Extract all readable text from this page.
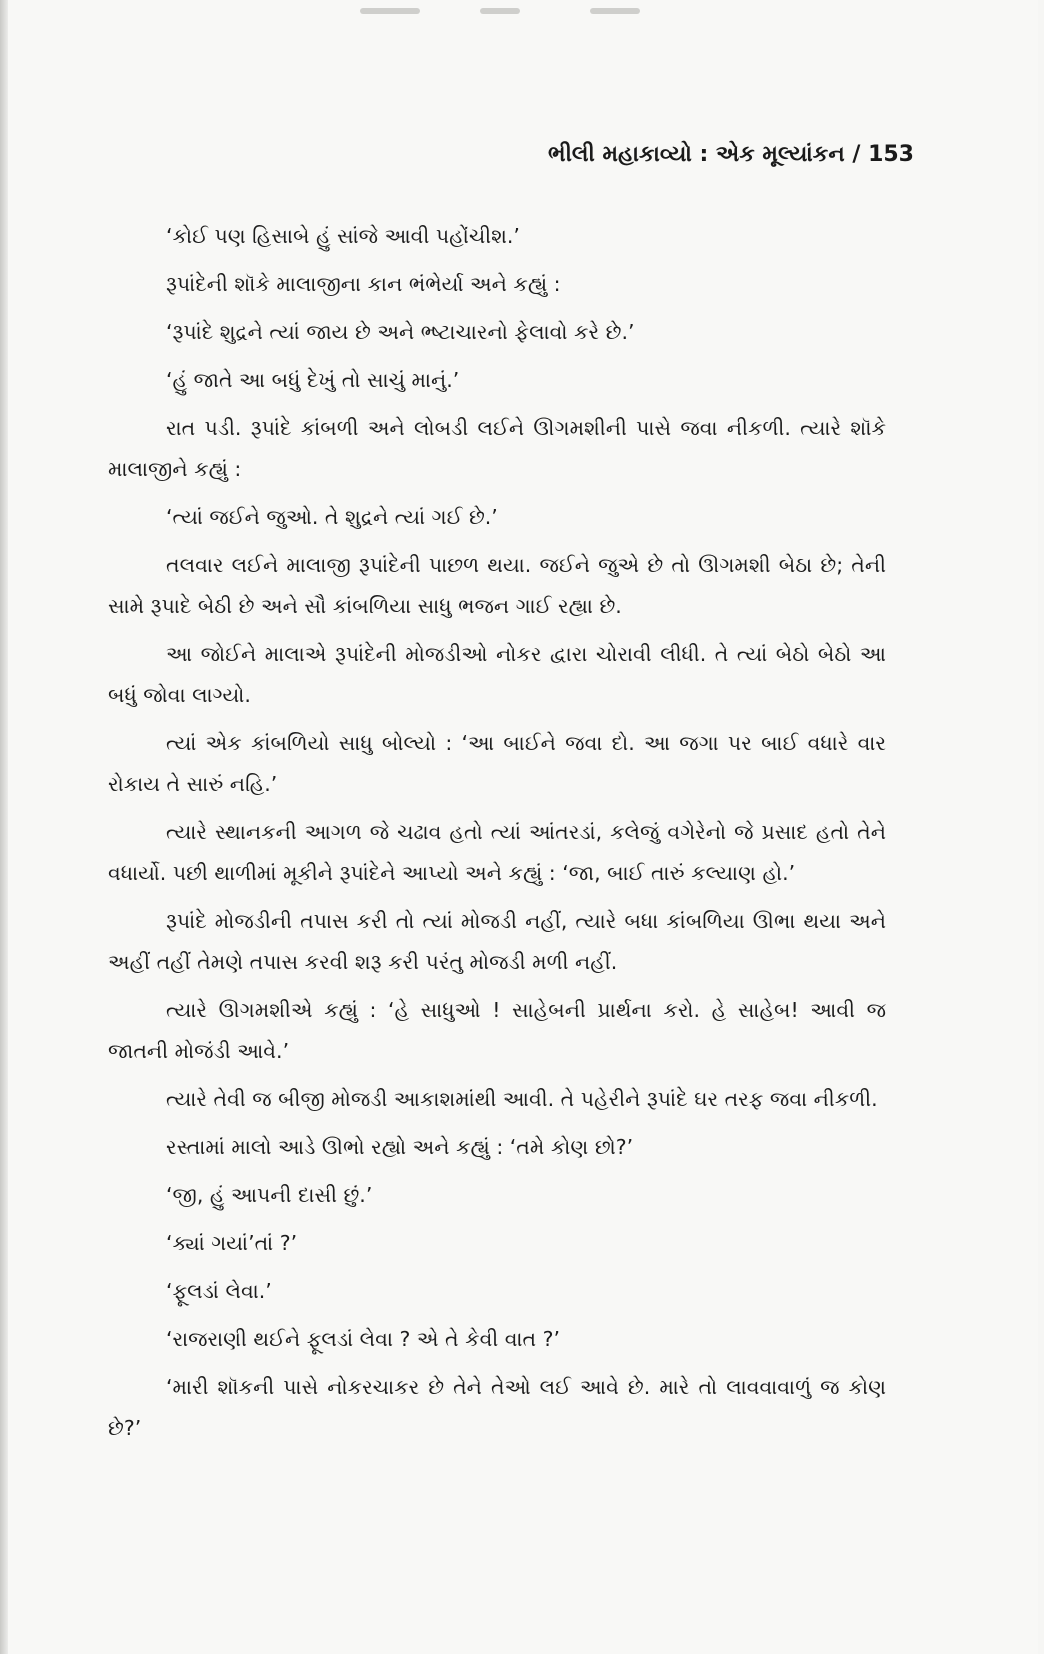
ભીલી મહાકાવ્યો : એક મૂલ્યાંકન / 153

‘કોઈ પણ હિસાબે હું સાંજે આવી પહોંચીશ.’

રૂપાંદેની શૉકે માલાજીના કાન ભંભેર્યા અને કહ્યું :

‘રૂપાંદે શુદ્રને ત્યાં જાય છે અને ભ્ષ્ટાચારનો ફેલાવો કરે છે.’

‘હું જાતે આ બધું દેખું તો સાચું માનું.’

રાત પડી. રૂપાંદે કાંબળી અને લોબડી લઈને ઊગમશીની પાસે જવા નીકળી. ત્યારે શૉકે માલાજીને કહ્યું :

‘ત્યાં જઈને જુઓ. તે શુદ્રને ત્યાં ગઈ છે.’

તલવાર લઈને માલાજી રૂપાંદેની પાછળ થયા. જઈને જુએ છે તો ઊગમશી બેઠા છે; તેની સામે રૂપાદે બેઠી છે અને સૌ કાંબળિયા સાધુ ભજન ગાઈ રહ્યા છે.

આ જોઈને માલાએ રૂપાંદેની મોજડીઓ નોકર દ્વારા ચોરાવી લીધી. તે ત્યાં બેઠો બેઠો આ બધું જોવા લાગ્યો.

ત્યાં એક કાંબળિયો સાધુ બોલ્યો : ‘આ બાઈને જવા દો. આ જગા પર બાઈ વધારે વાર રોકાય તે સારું નહિ.’

ત્યારે સ્થાનકની આગળ જે ચઢાવ હતો ત્યાં આંતરડાં, કલેજું વગેરેનો જે પ્રસાદ હતો તેને વધાર્યો. પછી થાળીમાં મૂકીને રૂપાંદેને આપ્યો અને કહ્યું : ‘જા, બાઈ તારું કલ્યાણ હો.’

રૂપાંદે મોજડીની તપાસ કરી તો ત્યાં મોજડી નહીં, ત્યારે બધા કાંબળિયા ઊભા થયા અને અહીં તહીં તેમણે તપાસ કરવી શરૂ કરી પરંતુ મોજડી મળી નહીં.

ત્યારે ઊગમશીએ કહ્યું : ‘હે સાધુઓ ! સાહેબની પ્રાર્થના કરો. હે સાહેબ! આવી જ જાતની મોજંડી આવે.’

ત્યારે તેવી જ બીજી મોજડી આકાશમાંથી આવી. તે પહેરીને રૂપાંદે ઘર તરફ જવા નીકળી.

રસ્તામાં માલો આડે ઊભો રહ્યો અને કહ્યું : ‘તમે કોણ છો?’

‘જી, હું આપની દાસી છું.’

‘ક્યાં ગયાં’તાં ?’

‘ફૂલડાં લેવા.’

‘રાજરાણી થઈને ફૂલડાં લેવા ? એ તે કેવી વાત ?’

‘મારી શૉકની પાસે નોકરચાકર છે તેને તેઓ લઈ આવે છે. મારે તો લાવવાવાળું જ કોણ છે?’
